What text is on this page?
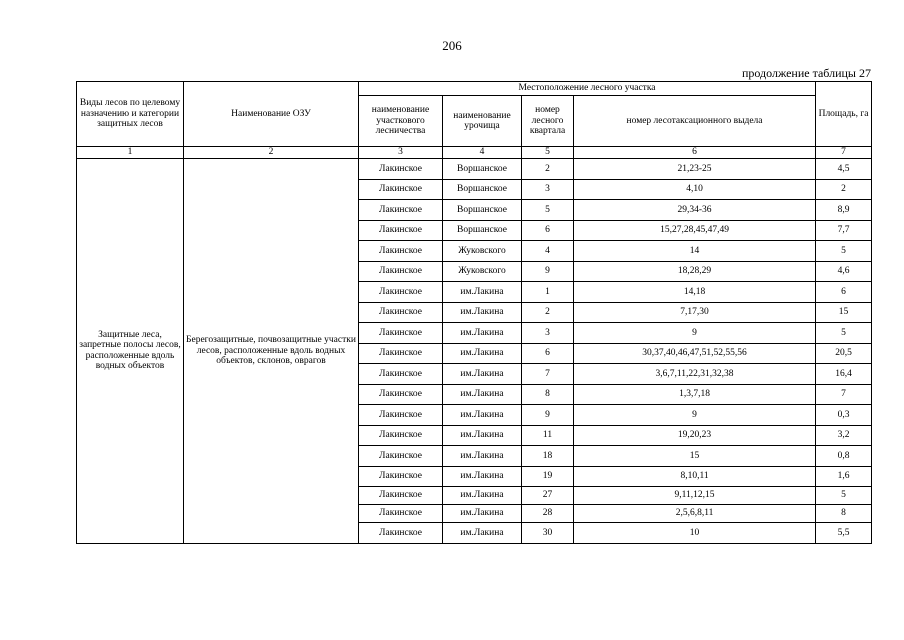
206
продолжение таблицы 27
Виды лесов по целевому назначению и категории защитных лесов	Наименование ОЗУ	Местоположение лесного участка				Площадь, га
		наименование участкового лесничества	наименование урочища	номер лесного квартала	номер лесотаксационного выдела	
1	2	3	4	5	6	7
Защитные леса, запретные полосы лесов, расположенные вдоль водных объектов	Берегозащитные, почвозащитные участки лесов, расположенные вдоль водных объектов, склонов, оврагов	Лакинское	Воршанское	2	21,23-25	4,5
		Лакинское	Воршанское	3	4,10	2
		Лакинское	Воршанское	5	29,34-36	8,9
		Лакинское	Воршанское	6	15,27,28,45,47,49	7,7
		Лакинское	Жуковского	4	14	5
		Лакинское	Жуковского	9	18,28,29	4,6
		Лакинское	им.Лакина	1	14,18	6
		Лакинское	им.Лакина	2	7,17,30	15
		Лакинское	им.Лакина	3	9	5
		Лакинское	им.Лакина	6	30,37,40,46,47,51,52,55,56	20,5
		Лакинское	им.Лакина	7	3,6,7,11,22,31,32,38	16,4
		Лакинское	им.Лакина	8	1,3,7,18	7
		Лакинское	им.Лакина	9	9	0,3
		Лакинское	им.Лакина	11	19,20,23	3,2
		Лакинское	им.Лакина	18	15	0,8
		Лакинское	им.Лакина	19	8,10,11	1,6
		Лакинское	им.Лакина	27	9,11,12,15	5
		Лакинское	им.Лакина	28	2,5,6,8,11	8
		Лакинское	им.Лакина	30	10	5,5
